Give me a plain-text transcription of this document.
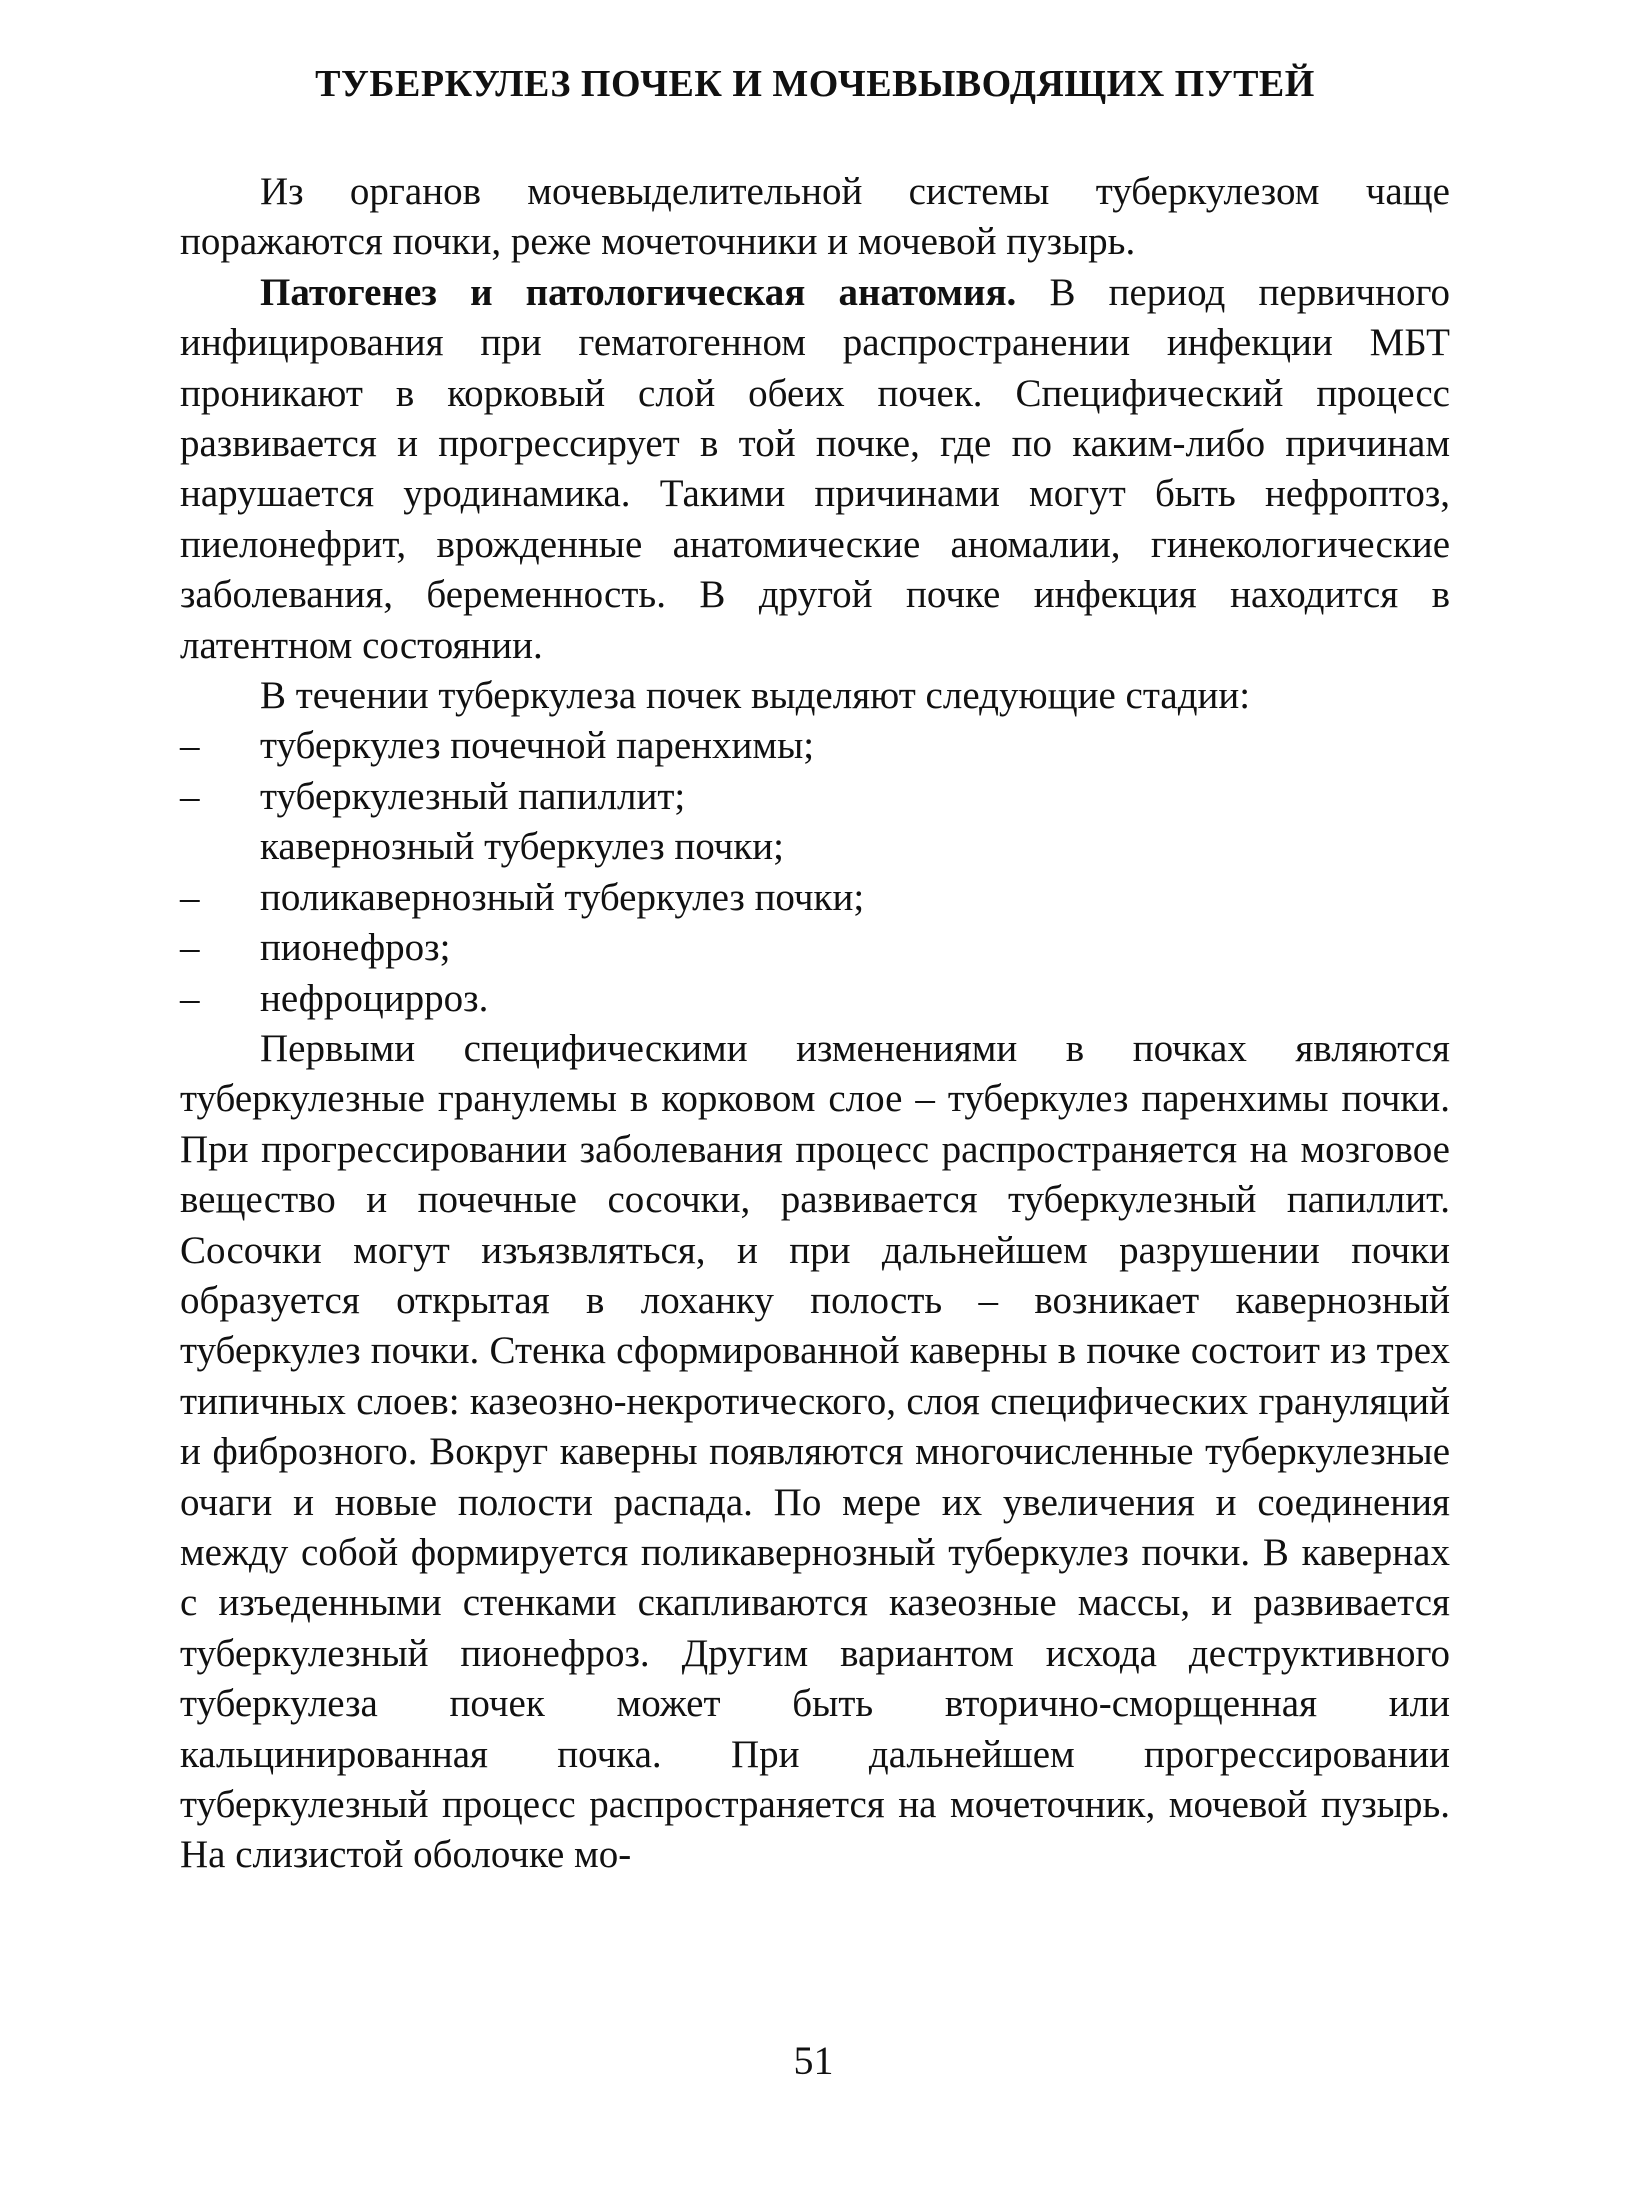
ТУБЕРКУЛЕЗ ПОЧЕК И МОЧЕВЫВОДЯЩИХ ПУТЕЙ

Из органов мочевыделительной системы туберкулезом чаще поражаются почки, реже мочеточники и мочевой пузырь.

Патогенез и патологическая анатомия. В период первичного инфицирования при гематогенном распространении инфекции МБТ проникают в корковый слой обеих почек. Специфический процесс развивается и прогрессирует в той почке, где по каким-либо причинам нарушается уродинамика. Такими причинами могут быть нефроптоз, пиелонефрит, врожденные анатомические аномалии, гинекологические заболевания, беременность. В другой почке инфекция находится в латентном состоянии.

В течении туберкулеза почек выделяют следующие стадии:

– туберкулез почечной паренхимы;
– туберкулезный папиллит;
кавернозный туберкулез почки;
– поликавернозный туберкулез почки;
– пионефроз;
– нефроцирроз.

Первыми специфическими изменениями в почках являются туберкулезные гранулемы в корковом слое – туберкулез паренхимы почки. При прогрессировании заболевания процесс распространяется на мозговое вещество и почечные сосочки, развивается туберкулезный папиллит. Сосочки могут изъязвляться, и при дальнейшем разрушении почки образуется открытая в лоханку полость – возникает кавернозный туберкулез почки. Стенка сформированной каверны в почке состоит из трех типичных слоев: казеозно-некротического, слоя специфических грануляций и фиброзного. Вокруг каверны появляются многочисленные туберкулезные очаги и новые полости распада. По мере их увеличения и соединения между собой формируется поликавернозный туберкулез почки. В кавернах с изъеденными стенками скапливаются казеозные массы, и развивается туберкулезный пионефроз. Другим вариантом исхода деструктивного туберкулеза почек может быть вторично-сморщенная или кальцинированная почка. При дальнейшем прогрессировании туберкулезный процесс распространяется на мочеточник, мочевой пузырь. На слизистой оболочке мо-

51
